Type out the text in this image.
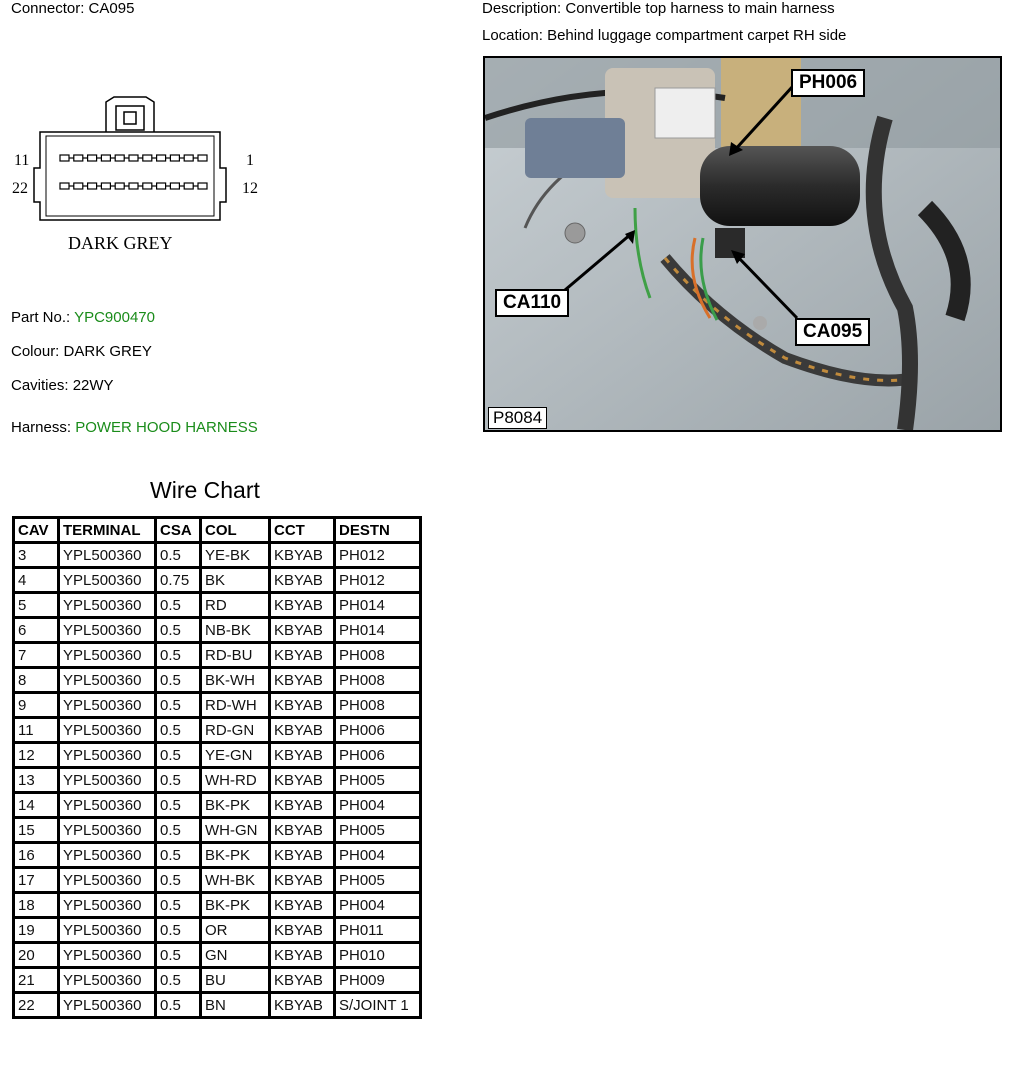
Connector: CA095	Description: Convertible top harness to main harness
Location: Behind luggage compartment carpet RH side
11	1
22	12
DARK GREY
Part No.: YPC900470
Colour: DARK GREY
Cavities: 22WY
Harness: POWER HOOD HARNESS
PH006
CA110
CA095
P8084
Wire Chart
CAV	TERMINAL	CSA	COL	CCT	DESTN
3	YPL500360	0.5	YE-BK	KBYAB	PH012
4	YPL500360	0.75	BK	KBYAB	PH012
5	YPL500360	0.5	RD	KBYAB	PH014
6	YPL500360	0.5	NB-BK	KBYAB	PH014
7	YPL500360	0.5	RD-BU	KBYAB	PH008
8	YPL500360	0.5	BK-WH	KBYAB	PH008
9	YPL500360	0.5	RD-WH	KBYAB	PH008
11	YPL500360	0.5	RD-GN	KBYAB	PH006
12	YPL500360	0.5	YE-GN	KBYAB	PH006
13	YPL500360	0.5	WH-RD	KBYAB	PH005
14	YPL500360	0.5	BK-PK	KBYAB	PH004
15	YPL500360	0.5	WH-GN	KBYAB	PH005
16	YPL500360	0.5	BK-PK	KBYAB	PH004
17	YPL500360	0.5	WH-BK	KBYAB	PH005
18	YPL500360	0.5	BK-PK	KBYAB	PH004
19	YPL500360	0.5	OR	KBYAB	PH011
20	YPL500360	0.5	GN	KBYAB	PH010
21	YPL500360	0.5	BU	KBYAB	PH009
22	YPL500360	0.5	BN	KBYAB	S/JOINT 1
